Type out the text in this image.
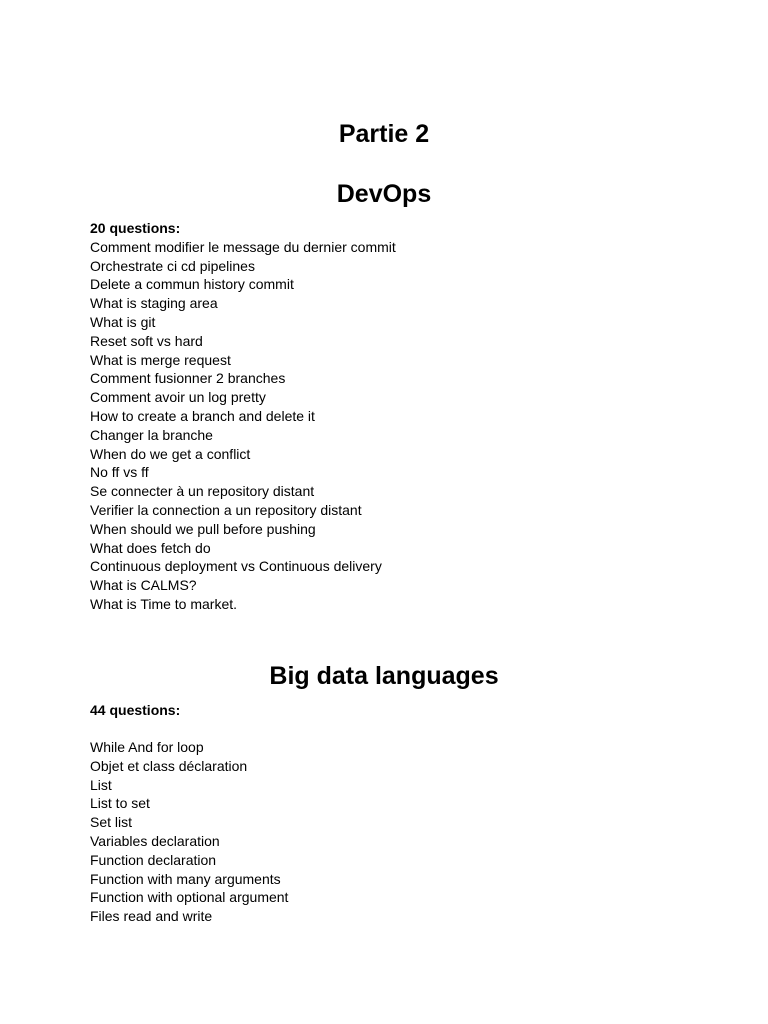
Partie 2
DevOps

20 questions:

Comment modifier le message du dernier commit
Orchestrate ci cd pipelines
Delete a commun history commit
What is staging area
What is git
Reset soft vs hard
What is merge request
Comment fusionner 2 branches
Comment avoir un log pretty
How to create a branch and delete it
Changer la branche
When do we get a conflict
No ff vs ff
Se connecter à un repository distant
Verifier la connection a un repository distant
When should we pull before pushing
What does fetch do
Continuous deployment vs Continuous delivery
What is CALMS?
What is Time to market.
Big data languages

44 questions:

While And for loop
Objet et class déclaration
List
List to set
Set list
Variables declaration
Function declaration
Function with many arguments
Function with optional argument
Files read and write
